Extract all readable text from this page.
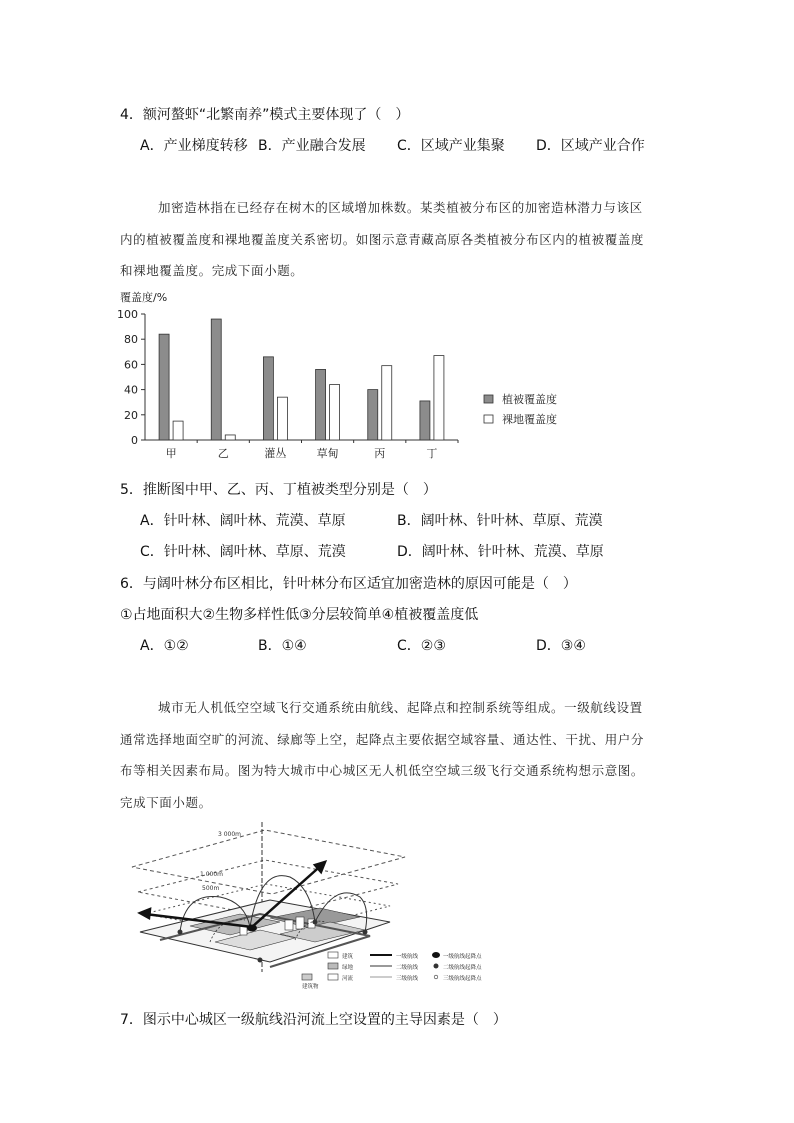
4．额河螯虾“北繁南养”模式主要体现了（　）
A．产业梯度转移 B．产业融合发展 C．区域产业集聚 D．区域产业合作
加密造林指在已经存在树木的区域增加株数。某类植被分布区的加密造林潜力与该区
内的植被覆盖度和裸地覆盖度关系密切。如图示意青藏高原各类植被分布区内的植被覆盖度
和裸地覆盖度。完成下面小题。
覆盖度/%
0
20
40
60
80
100
甲	乙	灌丛	草甸	丙	丁
植被覆盖度
裸地覆盖度
5．推断图中甲、乙、丙、丁植被类型分别是（　）
A．针叶林、阔叶林、荒漠、草原	B．阔叶林、针叶林、草原、荒漠
C．针叶林、阔叶林、草原、荒漠	D．阔叶林、针叶林、荒漠、草原
6．与阔叶林分布区相比，针叶林分布区适宜加密造林的原因可能是（　）
①占地面积大②生物多样性低③分层较简单④植被覆盖度低
A．①②	B．①④	C．②③	D．③④
城市无人机低空空域飞行交通系统由航线、起降点和控制系统等组成。一级航线设置
通常选择地面空旷的河流、绿廊等上空，起降点主要依据空域容量、通达性、干扰、用户分
布等相关因素布局。图为特大城市中心城区无人机低空空域三级飞行交通系统构想示意图。
完成下面小题。
3 000m
1 000m
500m
建筑
绿地
建筑物
河流
一级航线
二级航线
三级航线
一级航线起降点
二级航线起降点
三级航线起降点
7．图示中心城区一级航线沿河流上空设置的主导因素是（　）
